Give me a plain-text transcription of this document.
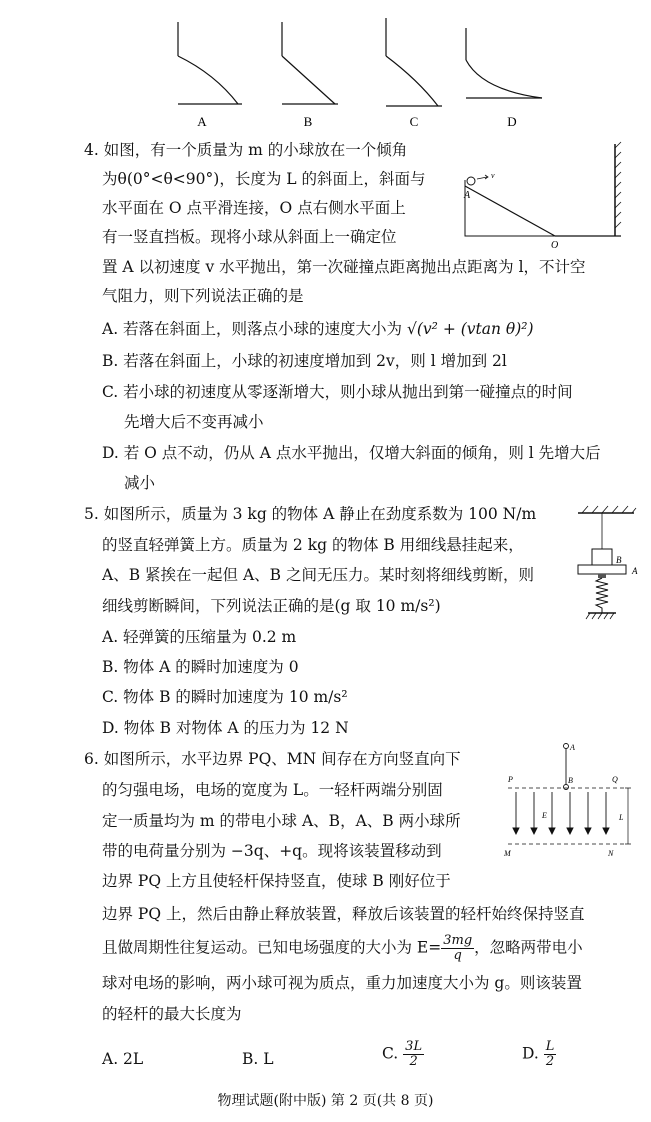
A	B	C	D
4. 如图，有一个质量为 m 的小球放在一个倾角
为θ(0°<θ<90°)，长度为 L 的斜面上，斜面与
水平面在 O 点平滑连接，O 点右侧水平面上
有一竖直挡板。现将小球从斜面上一确定位
置 A 以初速度 v 水平抛出，第一次碰撞点距离抛出点距离为 l，不计空
气阻力，则下列说法正确的是
A. 若落在斜面上，则落点小球的速度大小为 √(v² + (vtan θ)²)
B. 若落在斜面上，小球的初速度增加到 2v，则 l 增加到 2l
C. 若小球的初速度从零逐渐增大，则小球从抛出到第一碰撞点的时间
先增大后不变再减小
D. 若 O 点不动，仍从 A 点水平抛出，仅增大斜面的倾角，则 l 先增大后
减小
v
A
O
5. 如图所示，质量为 3 kg 的物体 A 静止在劲度系数为 100 N/m
的竖直轻弹簧上方。质量为 2 kg 的物体 B 用细线悬挂起来，
A、B 紧挨在一起但 A、B 之间无压力。某时刻将细线剪断，则
细线剪断瞬间，下列说法正确的是(g 取 10 m/s²)
A. 轻弹簧的压缩量为 0.2 m
B. 物体 A 的瞬时加速度为 0
C. 物体 B 的瞬时加速度为 10 m/s²
D. 物体 B 对物体 A 的压力为 12 N
B
A
6. 如图所示，水平边界 PQ、MN 间存在方向竖直向下
的匀强电场，电场的宽度为 L。一轻杆两端分别固
定一质量均为 m 的带电小球 A、B，A、B 两小球所
带的电荷量分别为 −3q、+q。现将该装置移动到
边界 PQ 上方且使轻杆保持竖直，使球 B 刚好位于
边界 PQ 上，然后由静止释放装置，释放后该装置的轻杆始终保持竖直
且做周期性往复运动。已知电场强度的大小为 $E= \frac{3mg}{q}$ ，忽略两带电小
球对电场的影响，两小球可视为质点，重力加速度大小为 g。则该装置
的轻杆的最大长度为
A. 2L	B. L	C. $\frac{3L}{2}$	D. $\frac{L}{2}$
A
B
P	Q
M	N
E	L
物理试题(附中版) 第 2 页(共 8 页)
